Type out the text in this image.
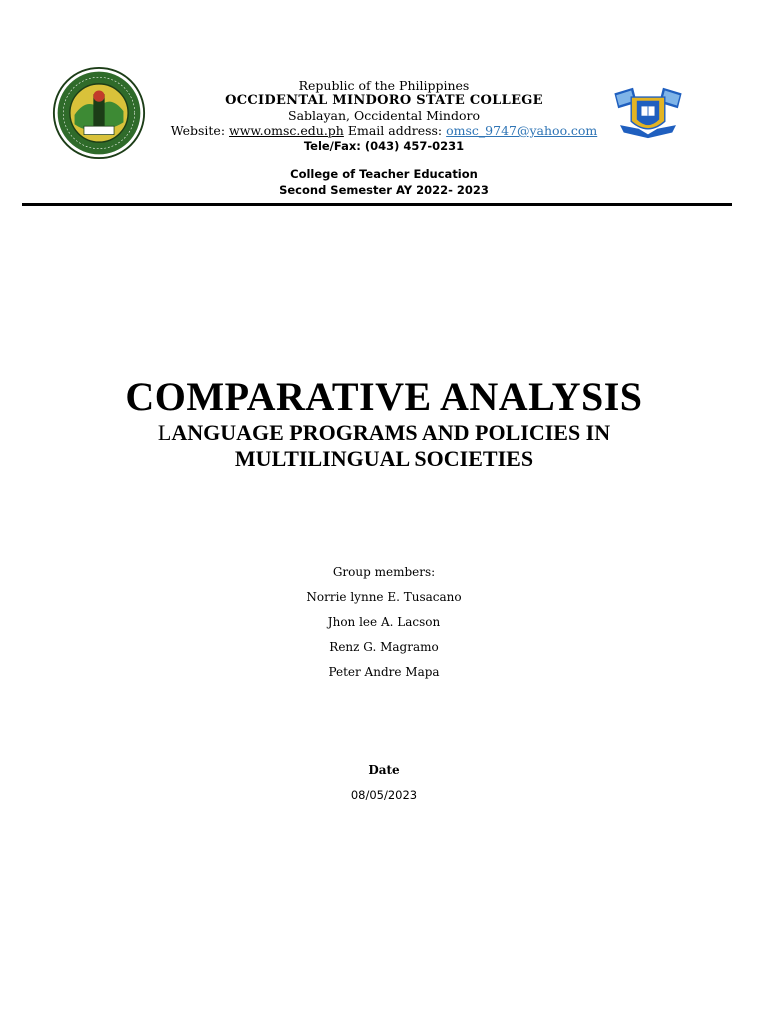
Republic of the Philippines
OCCIDENTAL MINDORO STATE COLLEGE
Sablayan, Occidental Mindoro
Website: www.omsc.edu.ph Email address: omsc_9747@yahoo.com
Tele/Fax: (043) 457-0231
College of Teacher Education
Second Semester AY 2022- 2023
COMPARATIVE ANALYSIS
LANGUAGE PROGRAMS AND POLICIES IN
MULTILINGUAL SOCIETIES
Group members:
Norrie lynne E. Tusacano
Jhon lee A. Lacson
Renz G. Magramo
Peter Andre Mapa
Date
08/05/2023
